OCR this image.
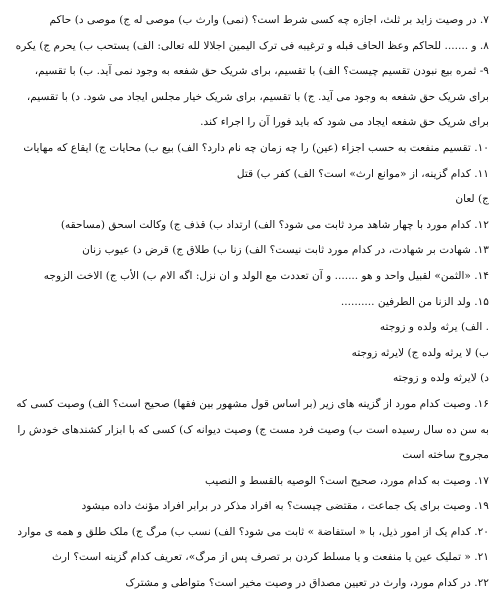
۷. در وصیت زاید بر ثلث، اجازه چه کسی شرط است؟ (نمی) وارث ب) موصی له ج) موصی د) حاکم
۸. و ....... للحاکم وعظ الحاف قبله و ترغیبه فی ترک الیمین اجلالا لله تعالی: الف) یستحب ب) یحرم ج) یکره
۹- ثمره بیع نبودن تقسیم چیست؟ الف) با تقسیم، برای شریک حق شفعه به وجود نمی آید. ب) با تقسیم،
برای شریک حق شفعه به وجود می آید. ج) با تقسیم، برای شریک خیار مجلس ایجاد می شود. د) با تقسیم،
برای شریک حق شفعه ایجاد می شود که باید فورا آن را اجراء کند.
۱۰. تقسیم منفعت به حسب اجزاء (عین) را چه زمان چه نام دارد؟ الف) بیع ب) محایات ج) ایقاع که مهایات
۱۱. کدام گزینه، از «موانع ارث» است؟ الف) کفر ب) قتل
ج) لعان
۱۲. کدام مورد با چهار شاهد مرد ثابت می شود؟ الف) ارتداد ب) قذف ج) وکالت اسحق (مساحقه)
۱۳. شهادت بر شهادت، در کدام مورد ثابت نیست؟ الف) زنا ب) طلاق ج) قرض د) عیوب زنان
۱۴. «الثمن» لقبیل واحد و هو ....... و آن تعددت مع الولد و ان نزل: اگه الام ب) الأب ج) الاخت الزوجه
۱۵. ولد الزنا من الطرفین ..........
. الف) یرثه ولده و زوجته
ب) لا یرثه ولده ج) لایرثه زوجته
د) لایرثه ولده و زوجته
۱۶. وصیت کدام مورد از گزینه های زیر (بر اساس قول مشهور بین فقها) صحیح است؟ الف) وصیت کسی که
به سن ده سال رسیده است ب) وصیت فرد مست ج) وصیت دیوانه ک) کسی که با ابزار کشندهای خودش را
مجروح ساخته است
۱۷. وصیت به کدام مورد، صحیح است؟ الوصیه بالقسط و النصیب
۱۹. وصیت برای یک جماعت ، مقتضی چیست؟ به افراد مذکر در برابر افراد مؤنث داده میشود
۲۰. کدام یک از امور ذیل، با « استفاضة » ثابت می شود؟ الف) نسب ب) مرگ ج) ملک طلق و همه ی موارد
۲۱. « تملیک عین یا منفعت و یا مسلط کردن بر تصرف پس از مرگ»، تعریف کدام گزینه است؟ ارث
۲۲. در کدام مورد، وارث در تعیین مصداق در وصیت مخیر است؟ متواطی و مشترک
